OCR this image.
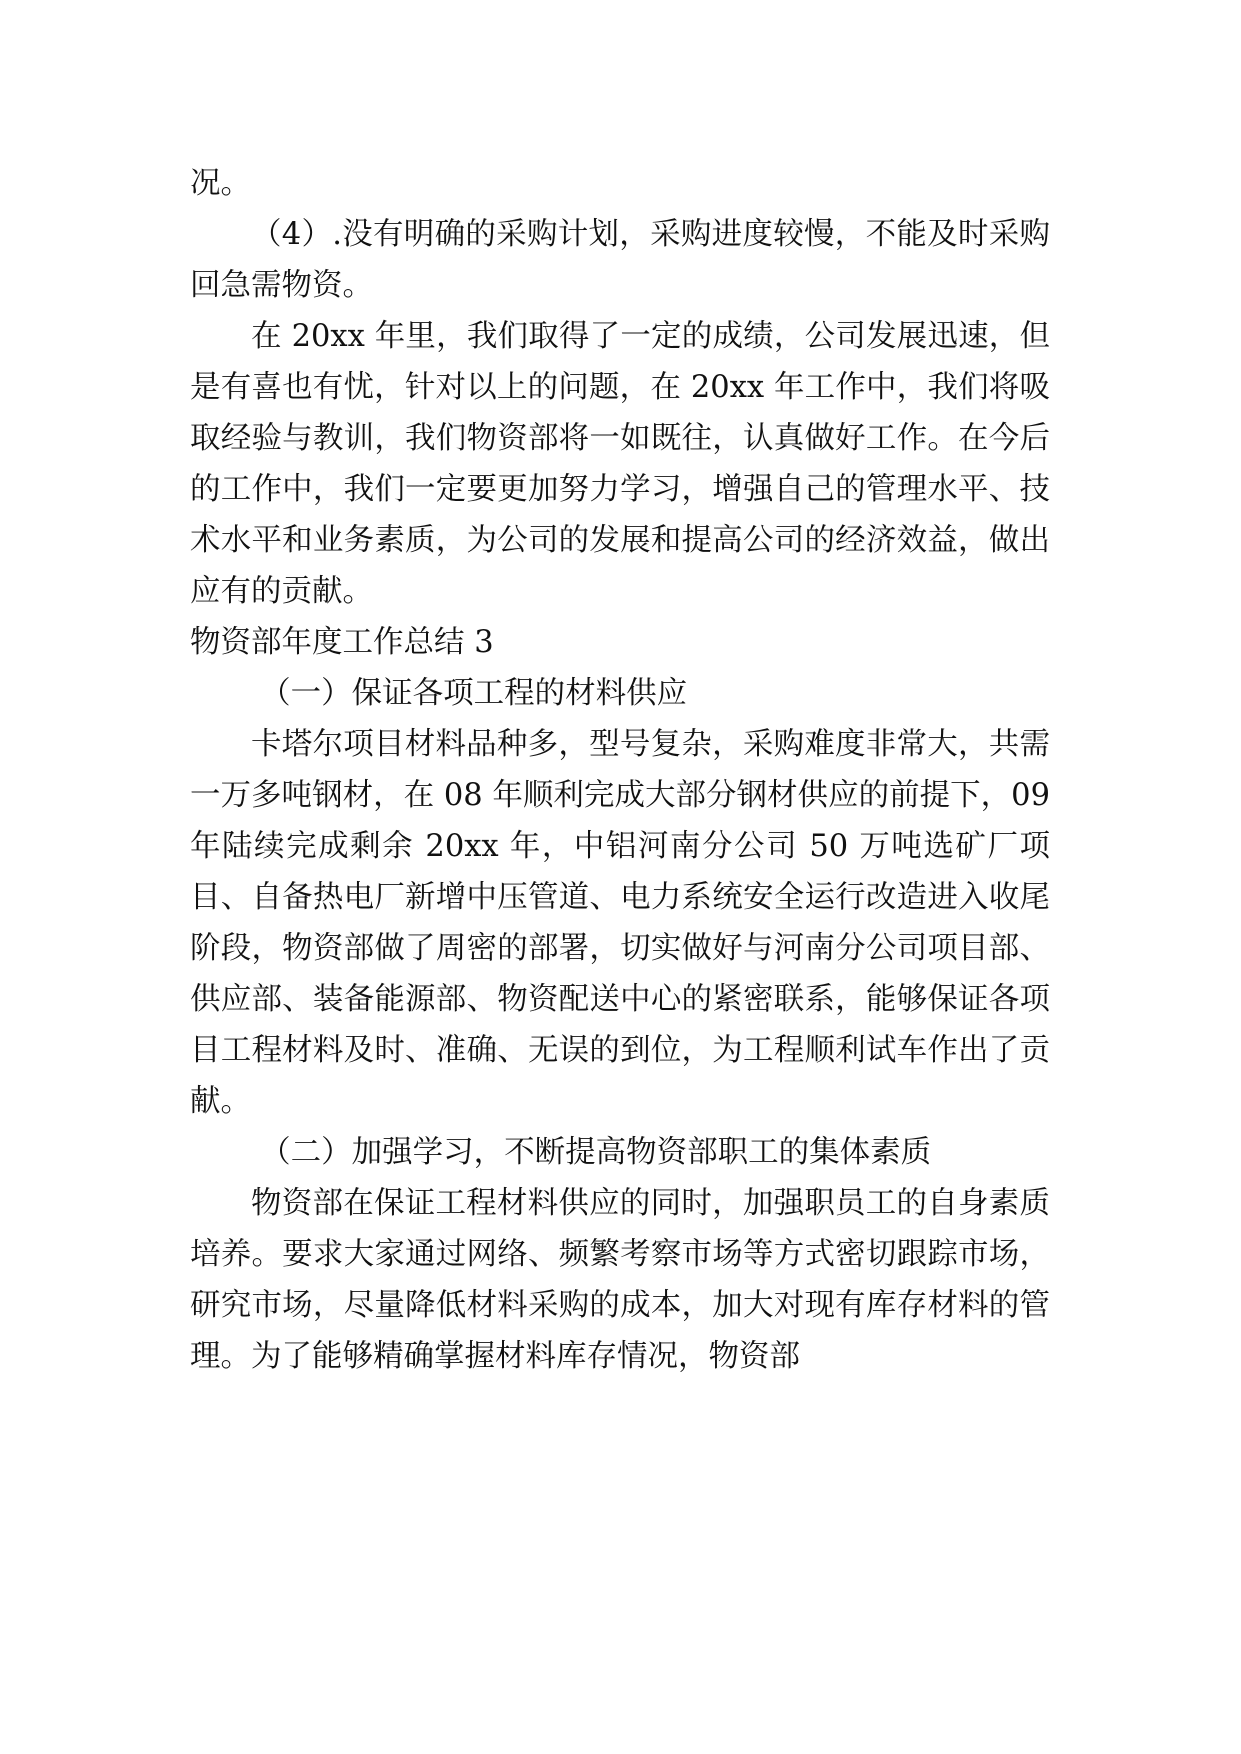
况。

（4）.没有明确的采购计划，采购进度较慢，不能及时采购回急需物资。

在 20xx 年里，我们取得了一定的成绩，公司发展迅速，但是有喜也有忧，针对以上的问题，在 20xx 年工作中，我们将吸取经验与教训，我们物资部将一如既往，认真做好工作。在今后的工作中，我们一定要更加努力学习，增强自己的管理水平、技术水平和业务素质，为公司的发展和提高公司的经济效益，做出应有的贡献。

物资部年度工作总结 3

（一）保证各项工程的材料供应

卡塔尔项目材料品种多，型号复杂，采购难度非常大，共需一万多吨钢材，在 08 年顺利完成大部分钢材供应的前提下，09 年陆续完成剩余 20xx 年，中铝河南分公司 50 万吨选矿厂项目、自备热电厂新增中压管道、电力系统安全运行改造进入收尾阶段，物资部做了周密的部署，切实做好与河南分公司项目部、供应部、装备能源部、物资配送中心的紧密联系，能够保证各项目工程材料及时、准确、无误的到位，为工程顺利试车作出了贡献。

（二）加强学习，不断提高物资部职工的集体素质

物资部在保证工程材料供应的同时，加强职员工的自身素质培养。要求大家通过网络、频繁考察市场等方式密切跟踪市场，研究市场，尽量降低材料采购的成本，加大对现有库存材料的管理。为了能够精确掌握材料库存情况，物资部
